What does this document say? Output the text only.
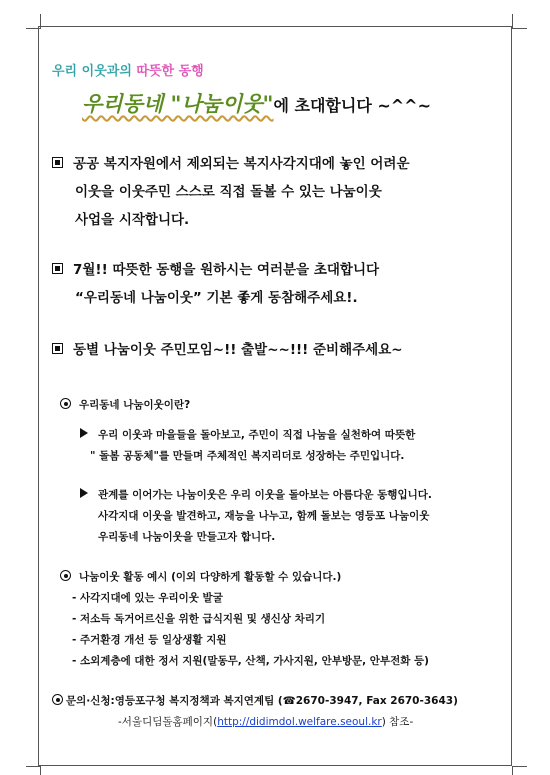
우리 이웃과의 따뜻한 동행
우리동네 "나눔이웃"에 초대합니다 ~^^~
공공 복지자원에서 제외되는 복지사각지대에 놓인 어려운
이웃을 이웃주민 스스로 직접 돌볼 수 있는 나눔이웃
사업을 시작합니다.
7월!! 따뜻한 동행을 원하시는 여러분을 초대합니다
“우리동네 나눔이웃” 기본 좋게 동참해주세요!.
동별 나눔이웃 주민모임~!! 출발~~!!! 준비해주세요~
우리동네 나눔이웃이란?
우리 이웃과 마을들을 돌아보고, 주민이 직접 나눔을 실천하여 따뜻한
" 돌봄 공동체"를 만들며 주체적인 복지리더로 성장하는 주민입니다.
관계를 이어가는 나눔이웃은 우리 이웃을 돌아보는 아름다운 동행입니다.
사각지대 이웃을 발견하고, 재능을 나누고, 함께 돌보는 영등포 나눔이웃
우리동네 나눔이웃을 만들고자 합니다.
나눔이웃 활동 예시 (이외 다양하게 활동할 수 있습니다.)
- 사각지대에 있는 우리이웃 발굴
- 저소득 독거어르신을 위한 급식지원 및 생신상 차리기
- 주거환경 개선 등 일상생활 지원
- 소외계층에 대한 정서 지원(말동무, 산책, 가사지원, 안부방문, 안부전화 등)
문의·신청:영등포구청 복지정책과 복지연계팀 (☎2670-3947, Fax 2670-3643)
-서울디딤돌홈페이지(http://didimdol.welfare.seoul.kr) 참조-
